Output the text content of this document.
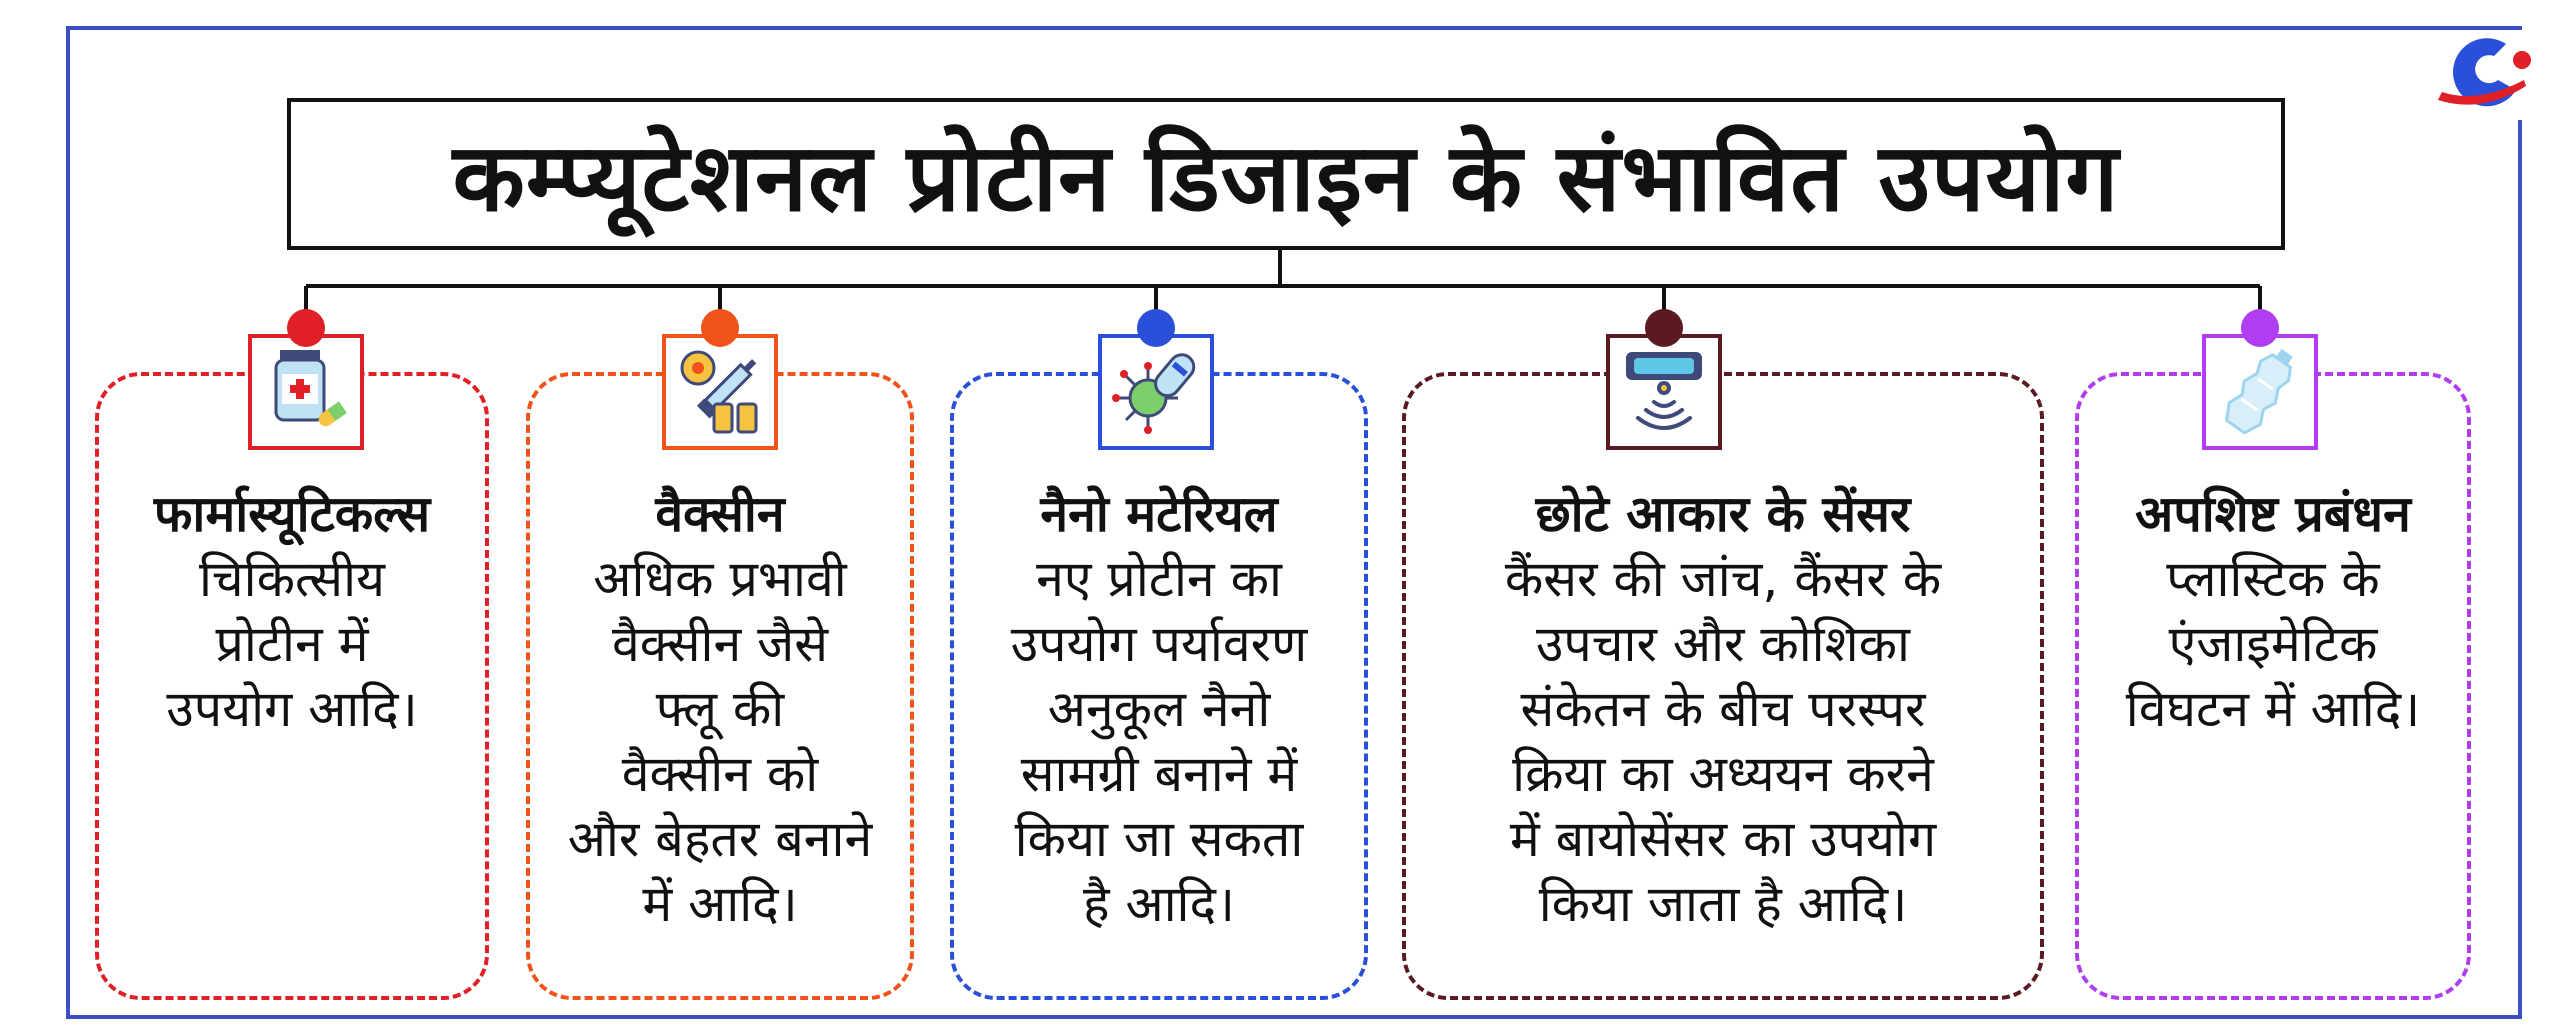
कम्प्यूटेशनल प्रोटीन डिजाइन के संभावित उपयोग
फार्मास्यूटिकल्स
चिकित्सीय
प्रोटीन में
उपयोग आदि।
वैक्सीन
अधिक प्रभावी
वैक्सीन जैसे
फ्लू की
वैक्सीन को
और बेहतर बनाने
में आदि।
नैनो मटेरियल
नए प्रोटीन का
उपयोग पर्यावरण
अनुकूल नैनो
सामग्री बनाने में
किया जा सकता
है आदि।
छोटे आकार के सेंसर
कैंसर की जांच, कैंसर के
उपचार और कोशिका
संकेतन के बीच परस्पर
क्रिया का अध्ययन करने
में बायोसेंसर का उपयोग
किया जाता है आदि।
अपशिष्ट प्रबंधन
प्लास्टिक के
एंजाइमेटिक
विघटन में आदि।
